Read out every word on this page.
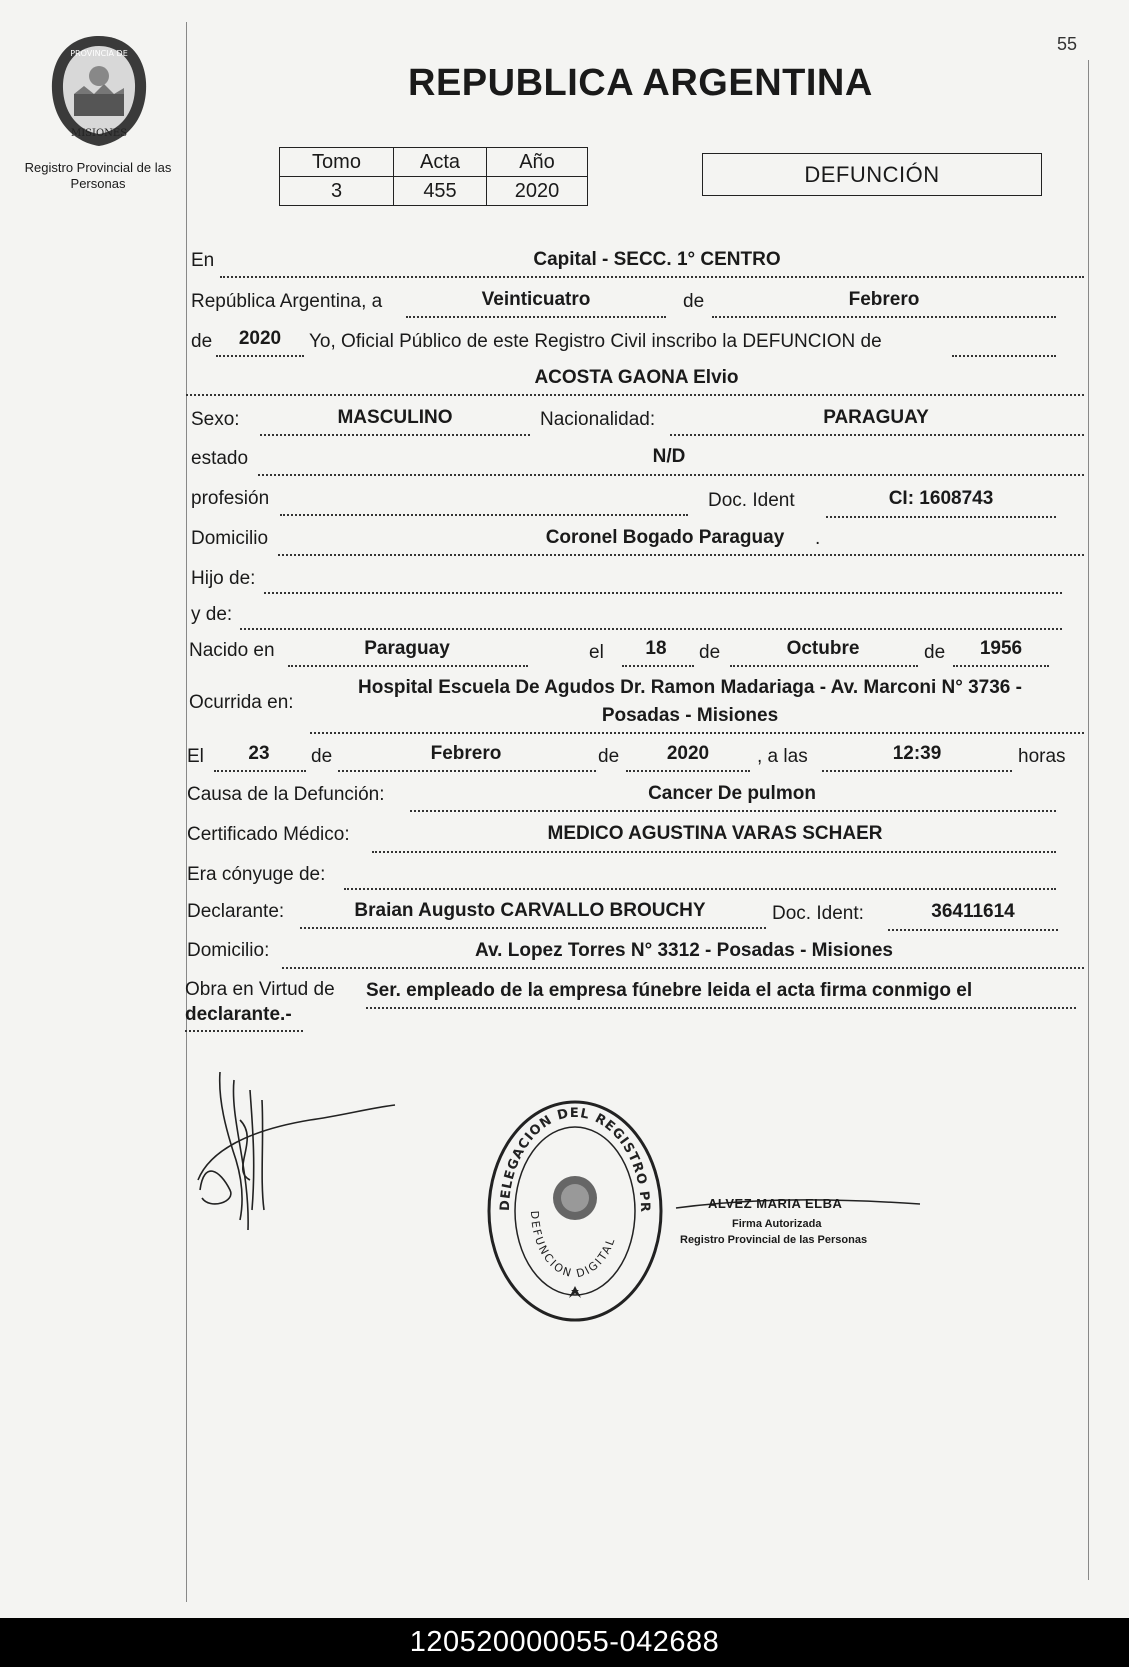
55
PROVINCIA DE
MISIONES
Registro Provincial de las Personas
REPUBLICA ARGENTINA
Tomo	Acta	Año
3	455	2020
DEFUNCIÓN
En	Capital - SECC. 1° CENTRO
República Argentina, a	Veinticuatro	de	Febrero
de	2020	Yo, Oficial Público de este Registro Civil inscribo la DEFUNCION de
ACOSTA GAONA Elvio
Sexo:	MASCULINO	Nacionalidad:	PARAGUAY
estado	N/D
profesión	Doc. Ident	CI: 1608743
Domicilio	Coronel Bogado Paraguay	.
Hijo de:
y de:
Nacido en	Paraguay	el	18	de	Octubre	de	1956
Ocurrida en:
Hospital Escuela De Agudos Dr. Ramon Madariaga - Av. Marconi N° 3736 -
Posadas - Misiones
El	23	de	Febrero	de	2020	, a las	12:39	horas
Causa de la Defunción:	Cancer De pulmon
Certificado Médico:	MEDICO AGUSTINA VARAS SCHAER
Era cónyuge de:
Declarante:	Braian Augusto CARVALLO BROUCHY	Doc. Ident:	36411614
Domicilio:	Av. Lopez Torres N° 3312 - Posadas - Misiones
Obra en Virtud de Ser. empleado de la empresa fúnebre leida el acta firma conmigo el
declarante.-
DELEGACION DEL REGISTRO PR
DEFUNCION DIGITAL
ALVEZ MARIA ELBA
Firma Autorizada
Registro Provincial de las Personas
120520000055-042688
